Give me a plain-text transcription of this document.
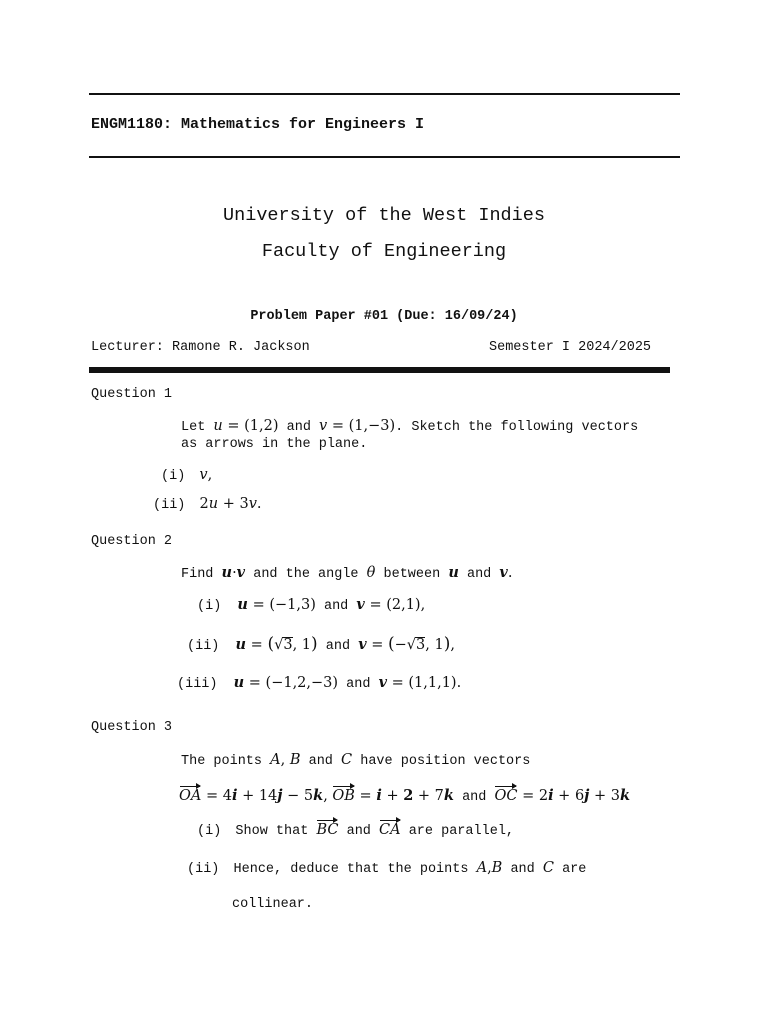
ENGM1180: Mathematics for Engineers I
University of the West Indies
Faculty of Engineering
Problem Paper #01 (Due: 16/09/24)
Lecturer: Ramone R. Jackson	Semester I 2024/2025
Question 1
Let u = (1,2) and v = (1,−3). Sketch the following vectors
as arrows in the plane.
(i) v,
(ii) 2u + 3v.
Question 2
Find u·v and the angle θ between u and v.
(i) u = (−1,3) and v = (2,1),
(ii) u = (√3, 1) and v = (−√3, 1),
(iii) u = (−1,2,−3) and v = (1,1,1).
Question 3
The points A, B and C have position vectors
OA = 4i + 14j − 5k, OB = i + 2 + 7k and OC = 2i + 6j + 3k
(i) Show that BC and CA are parallel,
(ii) Hence, deduce that the points A,B and C are
collinear.
